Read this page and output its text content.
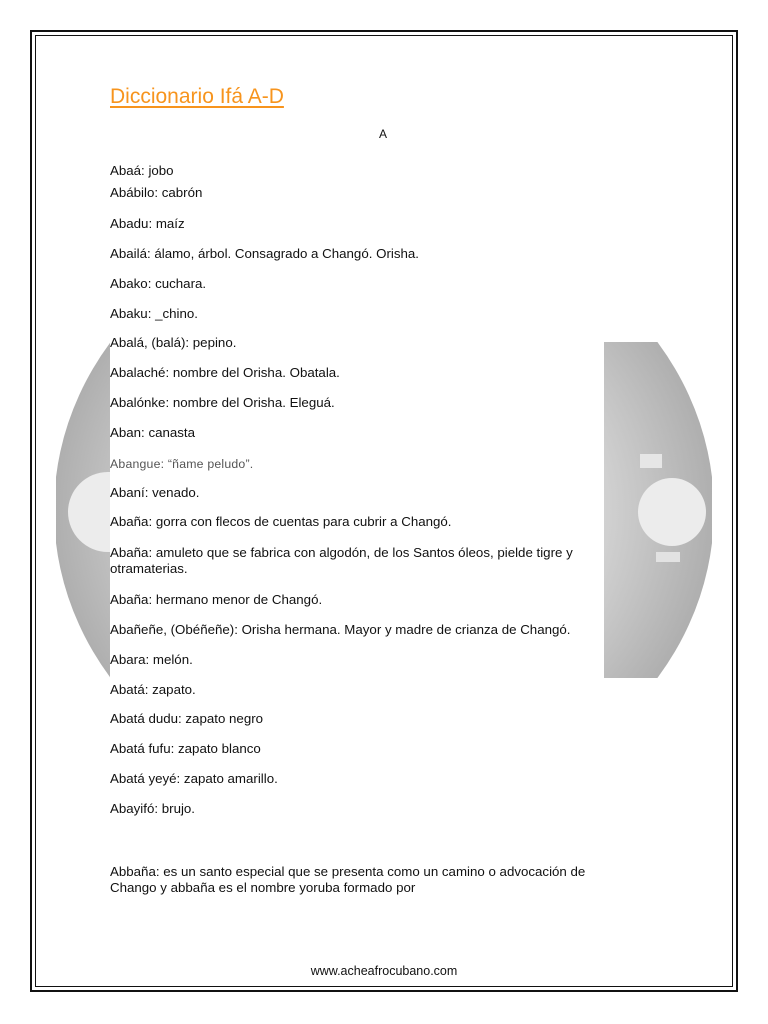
Diccionario Ifá A-D
A
Abaá: jobo
Abábilo: cabrón
Abadu: maíz
Abailá: álamo, árbol. Consagrado a Changó. Orisha.
Abako: cuchara.
Abaku: _chino.
Abalá, (balá): pepino.
Abalaché: nombre del Orisha. Obatala.
Abalónke: nombre del Orisha. Eleguá.
Aban: canasta
Abangue: “ñame peludo”.
Abaní: venado.
Abaña: gorra con flecos de cuentas para cubrir a Changó.
Abaña: amuleto que se fabrica con algodón, de los Santos óleos, pielde tigre y otramaterias.
Abaña: hermano menor de Changó.
Abañeñe, (Obéñeñe): Orisha hermana. Mayor y madre de crianza de Changó.
Abara: melón.
Abatá: zapato.
Abatá dudu: zapato negro
Abatá fufu: zapato blanco
Abatá yeyé: zapato amarillo.
Abayifó: brujo.
Abbaña: es un santo especial que se presenta como un camino o advocación de Chango y abbaña es el nombre yoruba formado por
www.acheafrocubano.com
